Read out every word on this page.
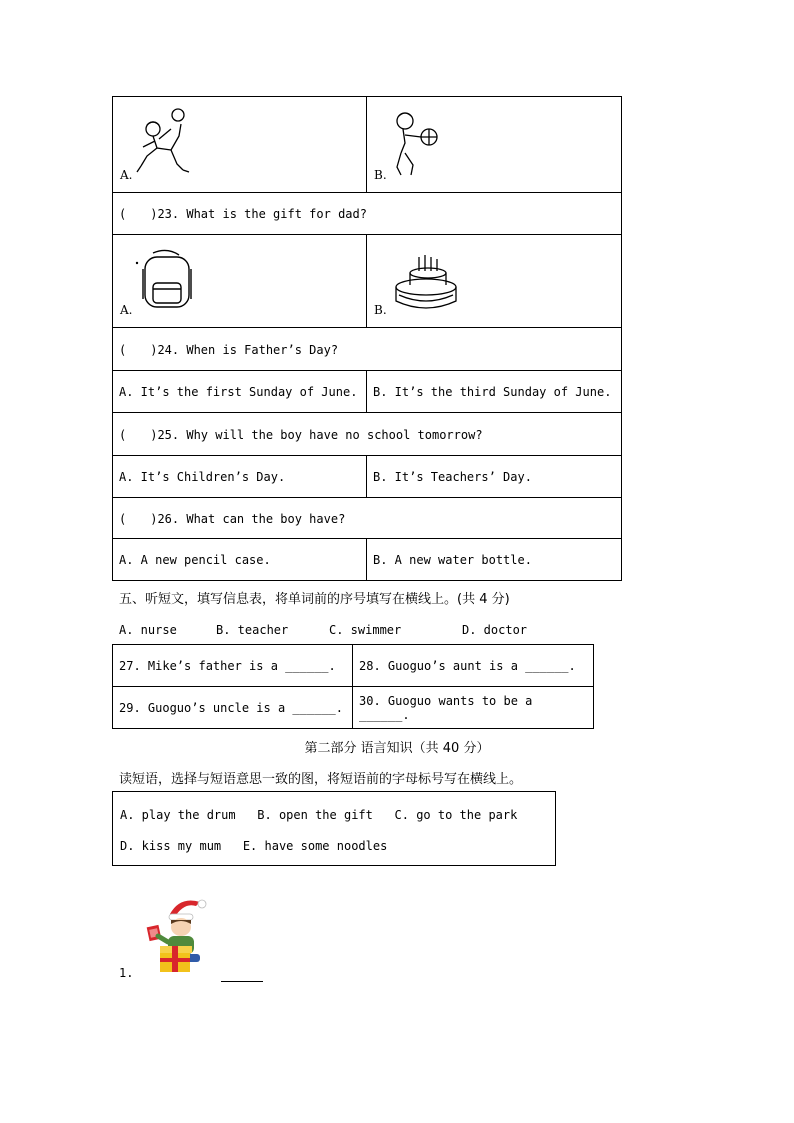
A.	B.

(　　)23. What is the gift for dad?	

A.	B.

(　　)24. When is Father’s Day?	
A. It’s the first Sunday of June.	B. It’s the third Sunday of June.
(　　)25. Why will the boy have no school tomorrow?	
A. It’s Children’s Day.	B. It’s Teachers’ Day.
(　　)26. What can the boy have?	
A. A new pencil case.	B. A new water bottle.
五、听短文，填写信息表，将单词前的序号填写在横线上。(共 4 分)
A. nurse	B. teacher	C. swimmer	D. doctor
27. Mike’s father is a ______.	28. Guoguo’s aunt is a ______.
29. Guoguo’s uncle is a ______.	30. Guoguo wants to be a ______.
第二部分 语言知识（共 40 分）
读短语，选择与短语意思一致的图，将短语前的字母标号写在横线上。
A. play the drum   B. open the gift   C. go to the park
D. kiss my mum   E. have some noodles
1.
